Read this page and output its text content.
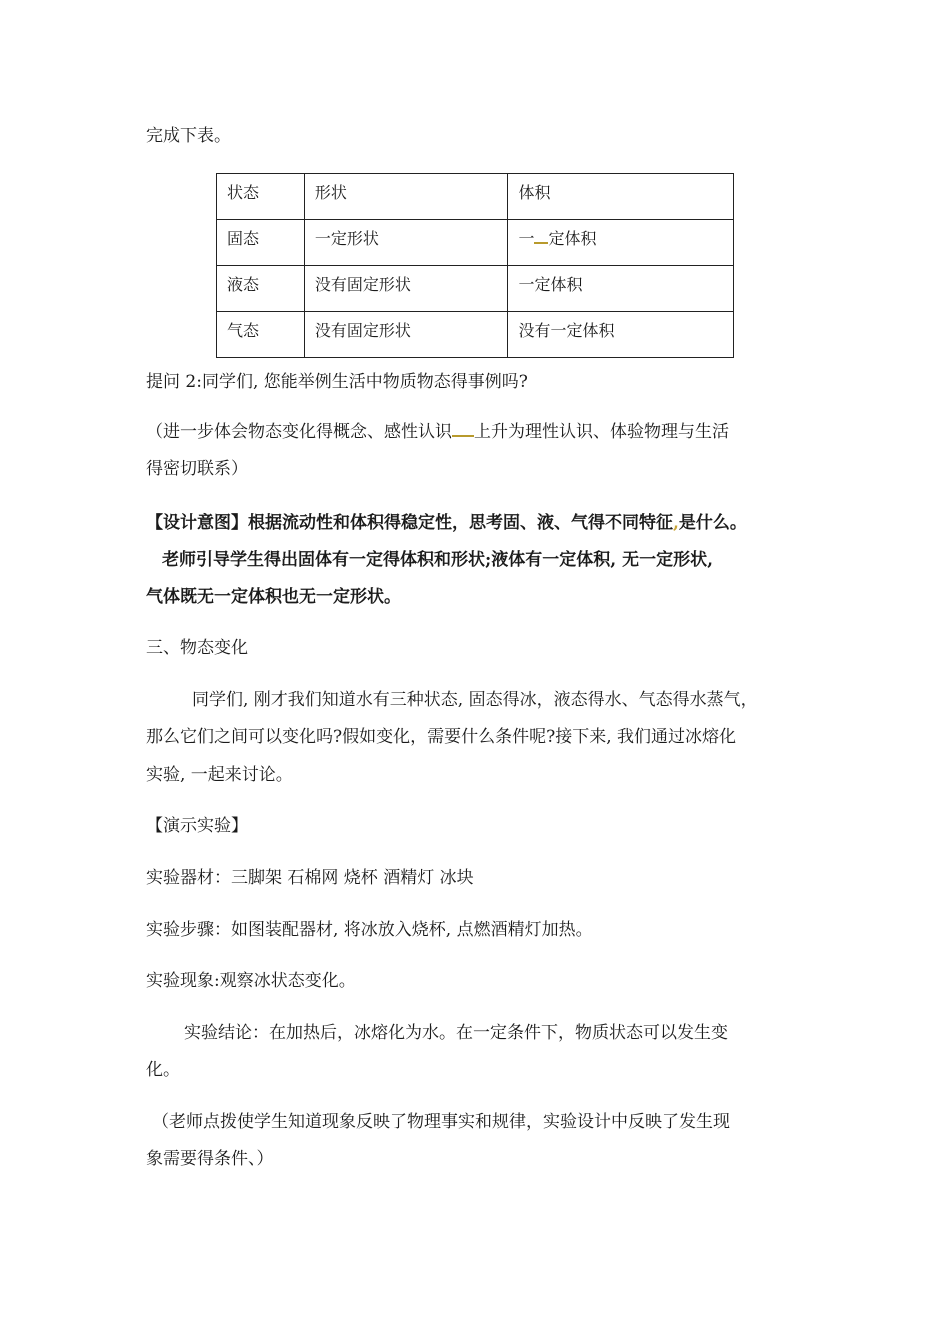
完成下表。

状态	形状	体积
固态	一定形状	一 定体积
液态	没有固定形状	一定体积
气态	没有固定形状	没有一定体积

提问 2:同学们, 您能举例生活中物质物态得事例吗?

（进一步体会物态变化得概念、感性认识 上升为理性认识、体验物理与生活

得密切联系）

【设计意图】根据流动性和体积得稳定性，思考固、液、气得不同特征,是什么。

老师引导学生得出固体有一定得体积和形状;液体有一定体积, 无一定形状,

气体既无一定体积也无一定形状。

三、物态变化

同学们, 刚才我们知道水有三种状态, 固态得冰，液态得水、气态得水蒸气，

那么它们之间可以变化吗?假如变化，需要什么条件呢?接下来, 我们通过冰熔化

实验, 一起来讨论。

【演示实验】

实验器材：三脚架 石棉网 烧杯 酒精灯 冰块

实验步骤：如图装配器材, 将冰放入烧杯, 点燃酒精灯加热。

实验现象:观察冰状态变化。

实验结论：在加热后，冰熔化为水。在一定条件下，物质状态可以发生变

化。

（老师点拨使学生知道现象反映了物理事实和规律，实验设计中反映了发生现

象需要得条件、）
